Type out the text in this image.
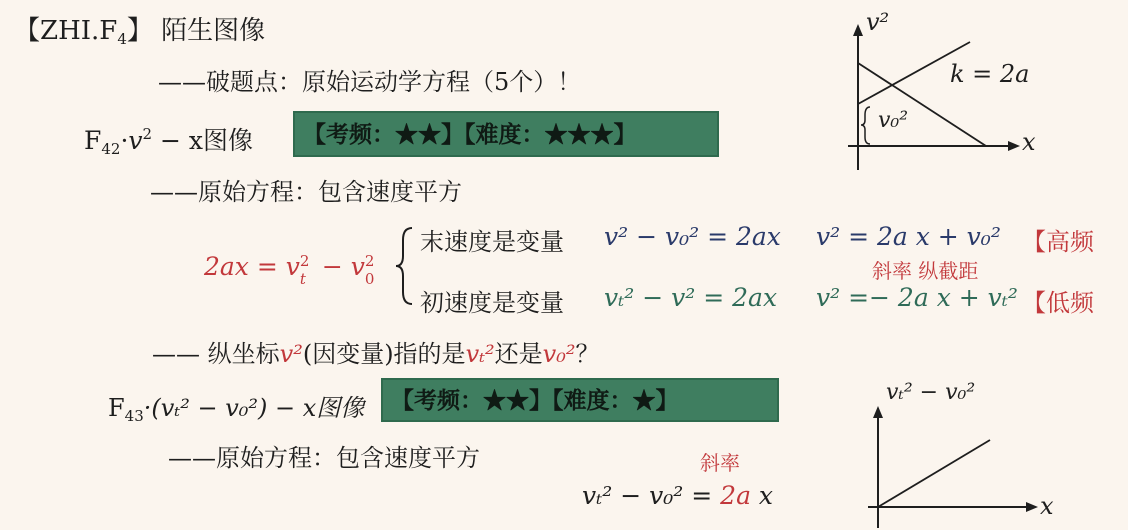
【$ZHI.F_4$】 陌生图像
——破题点：原始运动学方程（5个）！
$F_{42}\cdot v^2 - x$图像	【考频：★★】【难度：★★★】
——原始方程：包含速度平方
2ax = v 2
t − v 2
0
末速度是变量 v² − v₀² = 2ax v² = 2a x + v₀² 【高频
斜率 纵截距
初速度是变量 vₜ² − v² = 2ax v² =− 2a x + vₜ² 【低频
—— 纵坐标v²(因变量)指的是vₜ²还是v₀²？
$F_{43}\cdot(v_t^2 - v_0^2) - x$图像	【考频：★★】【难度：★】
——原始方程：包含速度平方	斜率
vₜ² − v₀² = 2a x
v²
x
k = 2a
v₀²
vₜ² − v₀²
x
